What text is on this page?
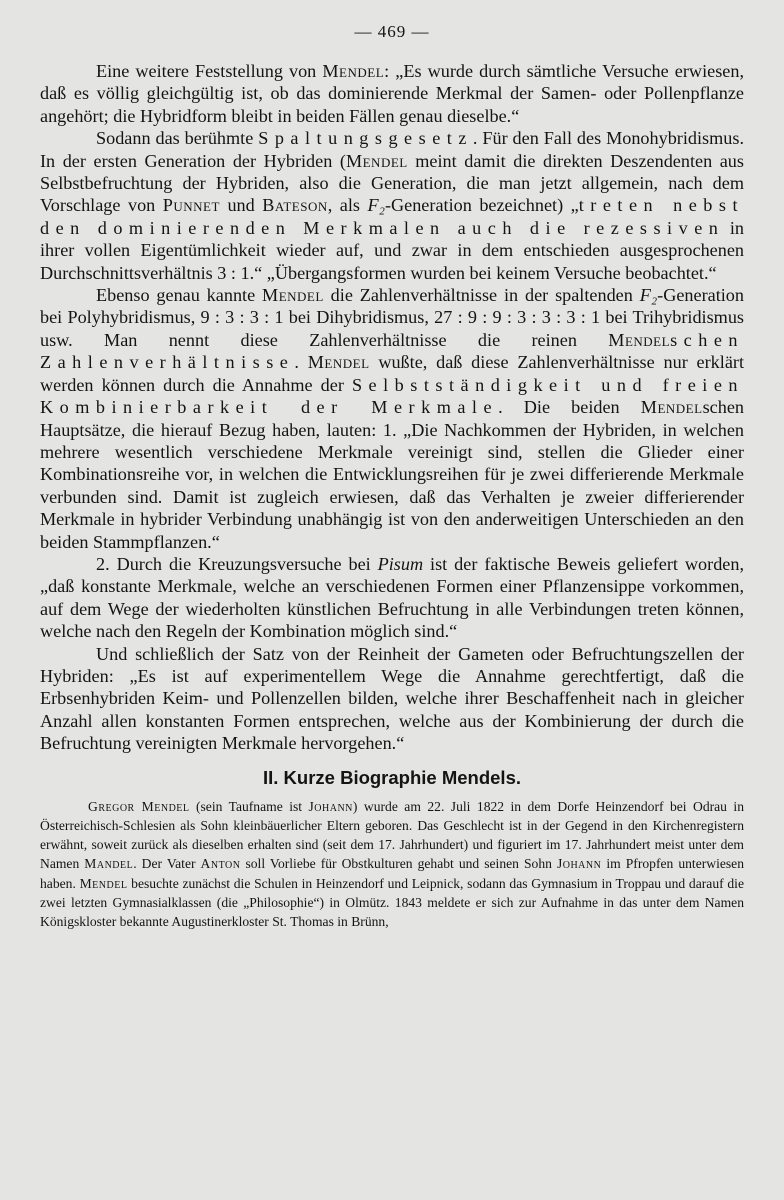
— 469 —

Eine weitere Feststellung von Mendel: „Es wurde durch sämtliche Versuche erwiesen, daß es völlig gleichgültig ist, ob das dominierende Merkmal der Samen- oder Pollenpflanze angehört; die Hybridform bleibt in beiden Fällen genau dieselbe.“

Sodann das berühmte Spaltungsgesetz. Für den Fall des Monohybridismus. In der ersten Generation der Hybriden (Mendel meint damit die direkten Deszendenten aus Selbstbefruchtung der Hybriden, also die Generation, die man jetzt allgemein, nach dem Vorschlage von Punnet und Bateson, als F₂-Generation bezeichnet) „treten nebst den dominierenden Merkmalen auch die rezessiven in ihrer vollen Eigentümlichkeit wieder auf, und zwar in dem entschieden ausgesprochenen Durchschnittsverhältnis 3 : 1.“ „Übergangsformen wurden bei keinem Versuche beobachtet.“

Ebenso genau kannte Mendel die Zahlenverhältnisse in der spaltenden F₂-Generation bei Polyhybridismus, 9 : 3 : 3 : 1 bei Dihybridismus, 27 : 9 : 9 : 3 : 3 : 3 : 1 bei Trihybridismus usw. Man nennt diese Zahlenverhältnisse die reinen Mendelschen Zahlenverhältnisse. Mendel wußte, daß diese Zahlenverhältnisse nur erklärt werden können durch die Annahme der Selbstständigkeit und freien Kombinierbarkeit der Merkmale. Die beiden Mendelschen Hauptsätze, die hierauf Bezug haben, lauten: 1. „Die Nachkommen der Hybriden, in welchen mehrere wesentlich verschiedene Merkmale vereinigt sind, stellen die Glieder einer Kombinationsreihe vor, in welchen die Entwicklungsreihen für je zwei differierende Merkmale verbunden sind. Damit ist zugleich erwiesen, daß das Verhalten je zweier differierender Merkmale in hybrider Verbindung unabhängig ist von den anderweitigen Unterschieden an den beiden Stammpflanzen.“

2. Durch die Kreuzungsversuche bei Pisum ist der faktische Beweis geliefert worden, „daß konstante Merkmale, welche an verschiedenen Formen einer Pflanzensippe vorkommen, auf dem Wege der wiederholten künstlichen Befruchtung in alle Verbindungen treten können, welche nach den Regeln der Kombination möglich sind.“

Und schließlich der Satz von der Reinheit der Gameten oder Befruchtungszellen der Hybriden: „Es ist auf experimentellem Wege die Annahme gerechtfertigt, daß die Erbsenhybriden Keim- und Pollenzellen bilden, welche ihrer Beschaffenheit nach in gleicher Anzahl allen konstanten Formen entsprechen, welche aus der Kombinierung der durch die Befruchtung vereinigten Merkmale hervorgehen.“

II. Kurze Biographie Mendels.

Gregor Mendel (sein Taufname ist Johann) wurde am 22. Juli 1822 in dem Dorfe Heinzendorf bei Odrau in Österreichisch-Schlesien als Sohn kleinbäuerlicher Eltern geboren. Das Geschlecht ist in der Gegend in den Kirchenregistern erwähnt, soweit zurück als dieselben erhalten sind (seit dem 17. Jahrhundert) und figuriert im 17. Jahrhundert meist unter dem Namen Mandel. Der Vater Anton soll Vorliebe für Obstkulturen gehabt und seinen Sohn Johann im Pfropfen unterwiesen haben. Mendel besuchte zunächst die Schulen in Heinzendorf und Leipnick, sodann das Gymnasium in Troppau und darauf die zwei letzten Gymnasialklassen (die „Philosophie“) in Olmütz. 1843 meldete er sich zur Aufnahme in das unter dem Namen Königskloster bekannte Augustinerkloster St. Thomas in Brünn,
